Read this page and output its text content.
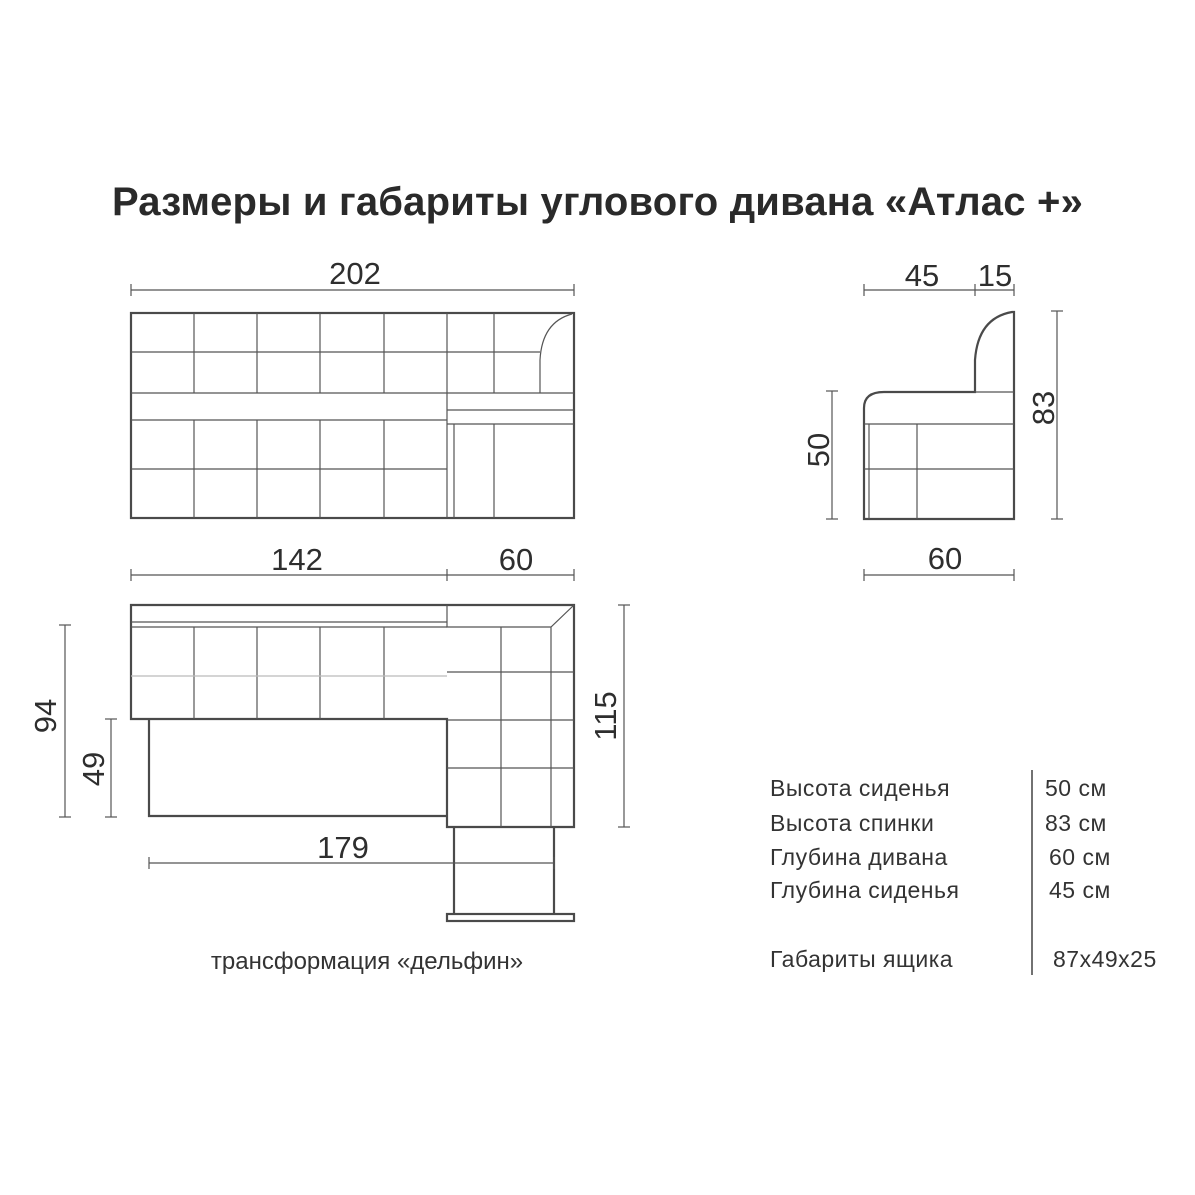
Размеры и габариты углового дивана «Атлас +»
202
142	60
94
49
115
179
трансформация «дельфин»
45 15
50
83
60
Высота сиденья	50 см
Высота спинки	83 см
Глубина дивана	60 см
Глубина сиденья	45 см
Габариты ящика	87x49x25
